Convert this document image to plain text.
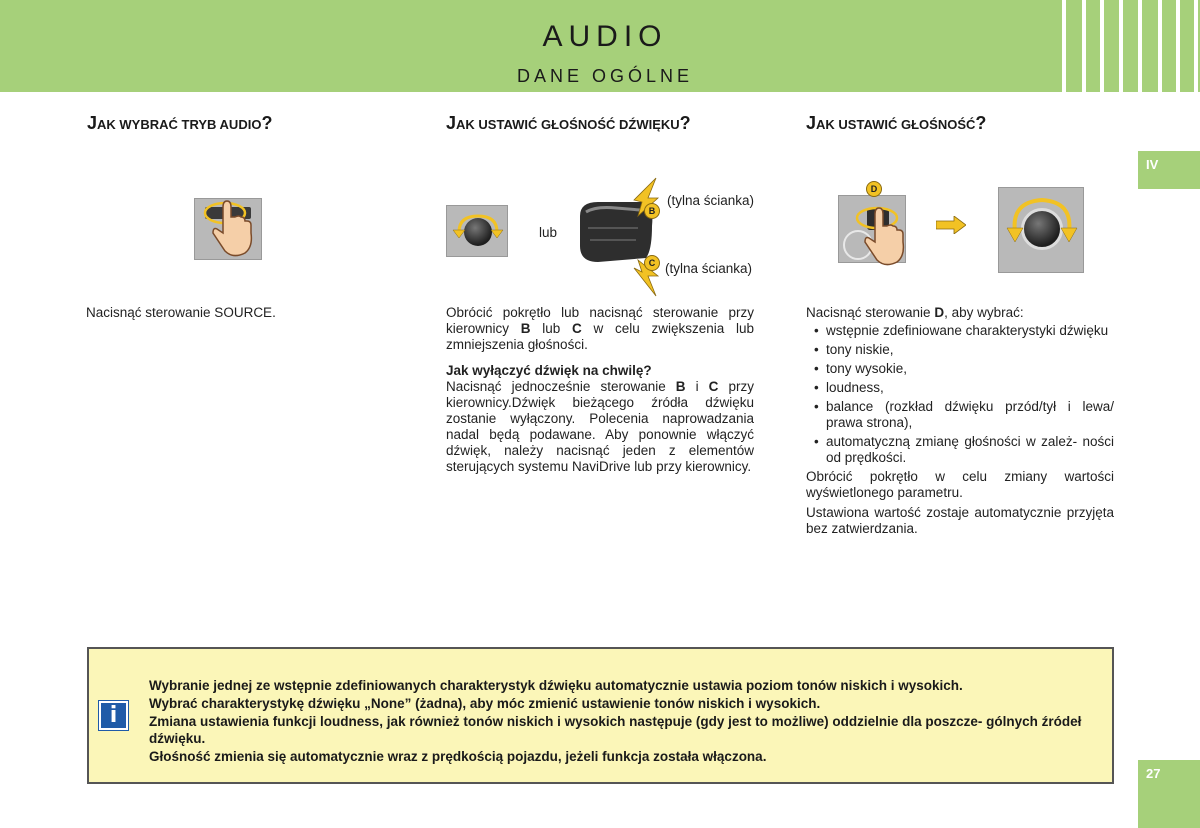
AUDIO
DANE OGÓLNE
IV
27
JAK WYBRAĆ TRYB AUDIO?	JAK USTAWIĆ GŁOŚNOŚĆ DŹWIĘKU?	JAK USTAWIĆ GŁOŚNOŚĆ?
lub
B
C
(tylna ścianka)
(tylna ścianka)
D
Nacisnąć sterowanie SOURCE.	Obrócić pokrętło lub nacisnąć sterowanie przy kierownicy B lub C w celu zwiększenia lub zmniejszenia głośności.

Jak wyłączyć dźwięk na chwilę?

Nacisnąć jednocześnie sterowanie B i C przy kierownicy.Dźwięk bieżącego źródła dźwięku zostanie wyłączony. Polecenia naprowadzania nadal będą podawane. Aby ponownie włączyć dźwięk, należy nacisnąć jeden z elementów sterujących systemu NaviDrive lub przy kierownicy.

Nacisnąć sterowanie D, aby wybrać:

• wstępnie zdefiniowane charakterystyki dźwięku
• tony niskie,
• tony wysokie,
• loudness,
• balance (rozkład dźwięku przód/tył i lewa/ prawa strona),
• automatyczną zmianę głośności w zależ- ności od prędkości.

Obrócić pokrętło w celu zmiany wartości wyświetlonego parametru.

Ustawiona wartość zostaje automatycznie przyjęta bez zatwierdzania.

i

Wybranie jednej ze wstępnie zdefiniowanych charakterystyk dźwięku automatycznie ustawia poziom tonów niskich i wysokich.

Wybrać charakterystykę dźwięku „None” (żadna), aby móc zmienić ustawienie tonów niskich i wysokich.

Zmiana ustawienia funkcji loudness, jak również tonów niskich i wysokich następuje (gdy jest to możliwe) oddzielnie dla poszcze- gólnych źródeł dźwięku.

Głośność zmienia się automatycznie wraz z prędkością pojazdu, jeżeli funkcja została włączona.
